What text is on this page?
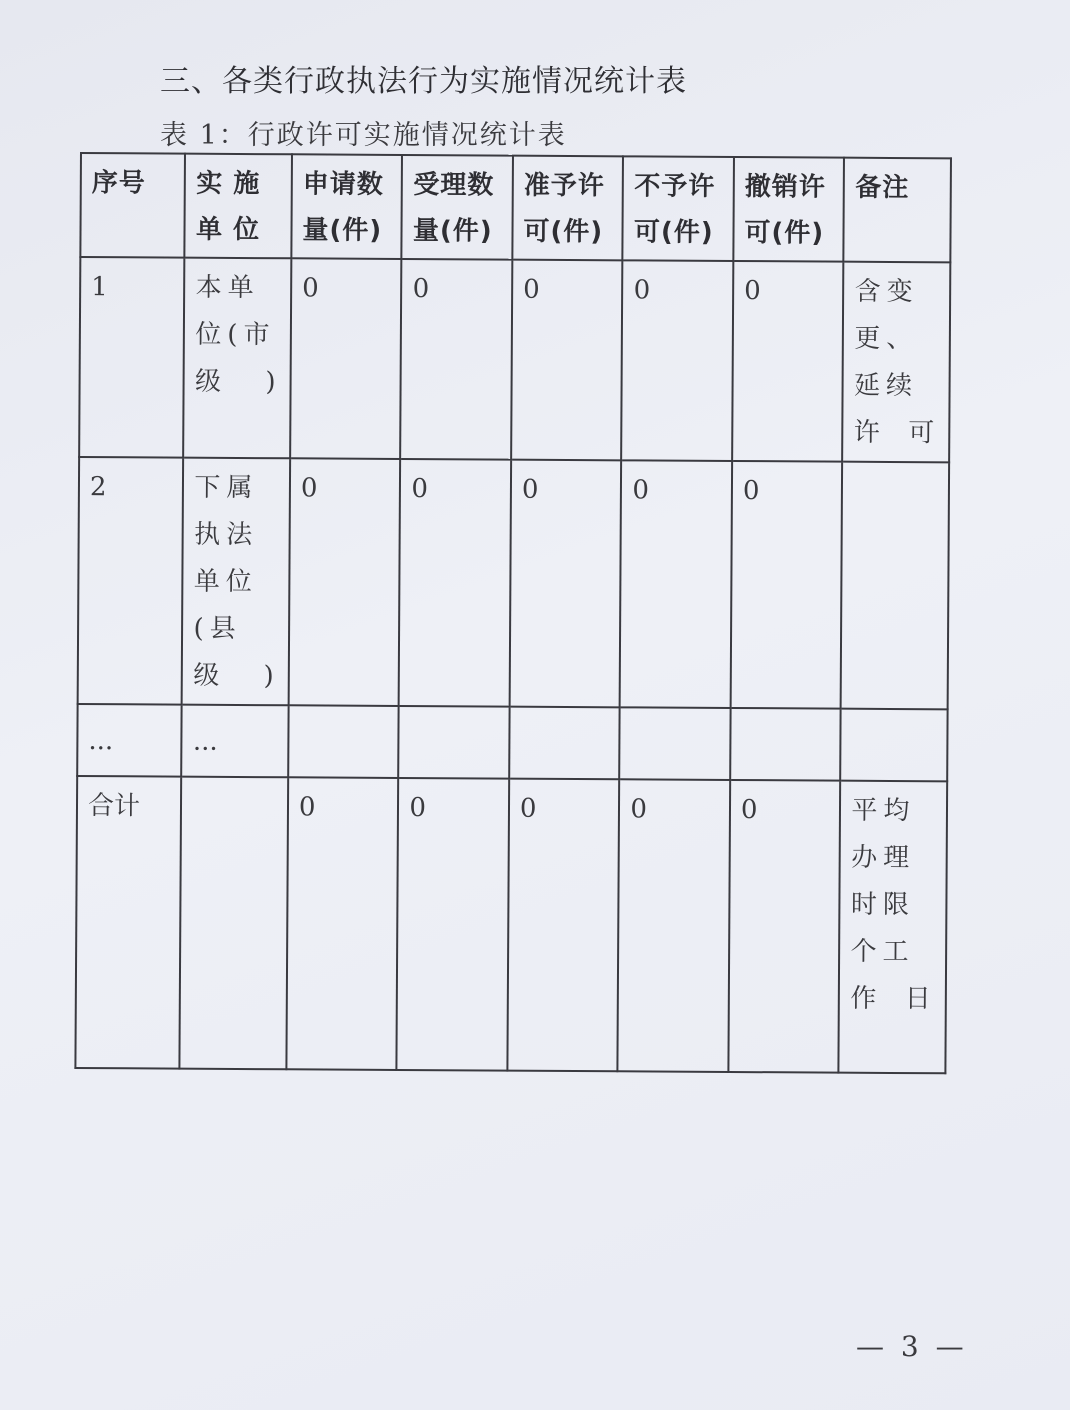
三、各类行政执法行为实施情况统计表
表 1：行政许可实施情况统计表
序号	实 施 单 位	申请数量(件)	受理数量(件)	准予许可(件)	不予许可(件)	撤销许可(件)	备注
1	本单位(市级)	0	0	0	0	0	含变更、延续许可
2	下属执法单位(县级)	0	0	0	0	0	
...	...						
合计		0	0	0	0	0	平均办理时限个工作日
— 3 —
